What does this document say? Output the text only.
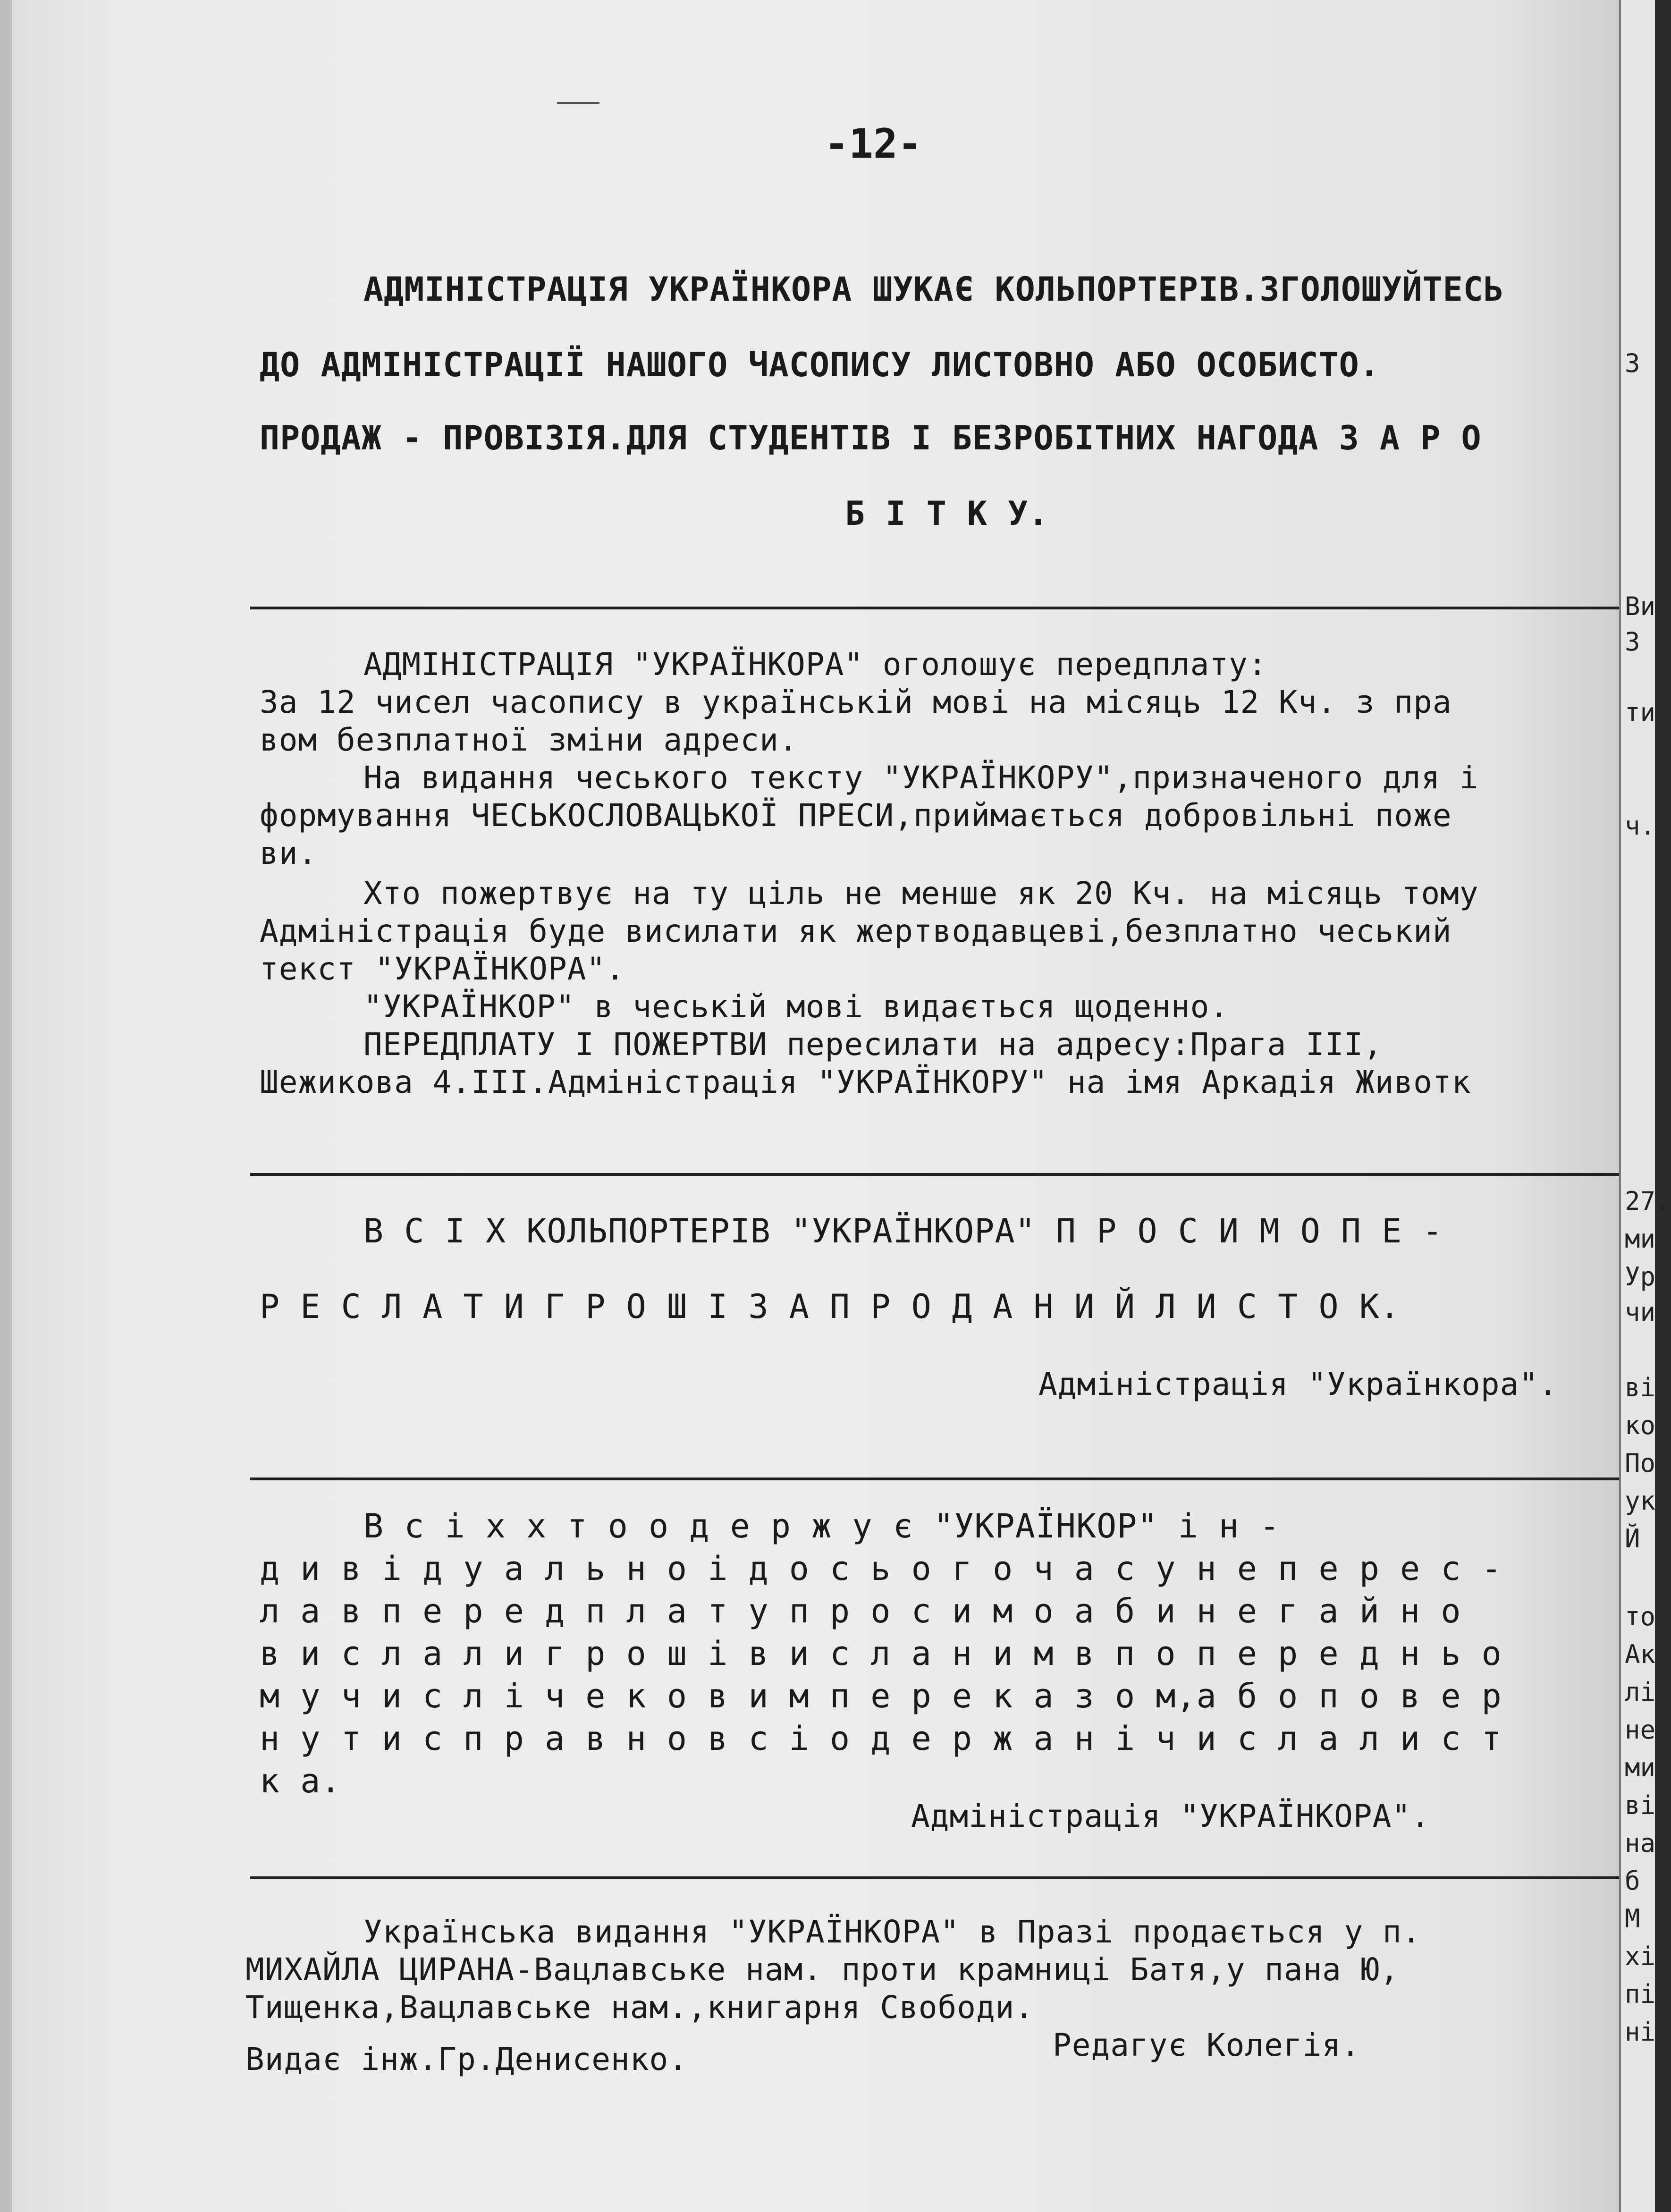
3
Ви
3
ти
ч.
27.
ми
Ур
чи
ві
ко
По
ук
Й
то
Ак
лі
не
ми
ві
на
б
М
хі
пі
ні
-12-
АДМІНІСТРАЦІЯ УКРАЇНКОРА ШУКАЄ КОЛЬПОРТЕРІВ.ЗГОЛОШУЙТЕСЬ
ДО АДМІНІСТРАЦІЇ НАШОГО ЧАСОПИСУ ЛИСТОВНО АБО ОСОБИСТО.
ПРОДАЖ - ПРОВІЗІЯ.ДЛЯ СТУДЕНТІВ І БЕЗРОБІТНИХ НАГОДА З А Р О
Б І Т К У.
АДМІНІСТРАЦІЯ "УКРАЇНКОРА" оголошує передплату:
За 12 чисел часопису в українській мові на місяць 12 Кч. з пра
вом безплатної зміни адреси.
На видання чеського тексту "УКРАЇНКОРУ",призначеного для і
формування ЧЕСЬКОСЛОВАЦЬКОЇ ПРЕСИ,приймається добровільні поже
ви.
Хто пожертвує на ту ціль не менше як 20 Кч. на місяць тому
Адміністрація буде висилати як жертводавцеві,безплатно чеський
текст "УКРАЇНКОРА".
"УКРАЇНКОР" в чеській мові видається щоденно.
ПЕРЕДПЛАТУ І ПОЖЕРТВИ пересилати на адресу:Прага III,
Шежикова 4.III.Адміністрація "УКРАЇНКОРУ" на імя Аркадія Животк
В С І Х КОЛЬПОРТЕРІВ "УКРАЇНКОРА" П Р О С И М О П Е -
Р Е С Л А Т И Г Р О Ш І З А П Р О Д А Н И Й Л И С Т О К.
Адміністрація "Українкора".
В с і х х т о о д е р ж у є "УКРАЇНКОР" і н -
д и в і д у а л ь н о і д о с ь о г о ч а с у н е п е р е с -
л а в п е р е д п л а т у п р о с и м о а б и н е г а й н о
в и с л а л и г р о ш і в и с л а н и м в п о п е р е д н ь о
м у ч и с л і ч е к о в и м п е р е к а з о м,а б о п о в е р
н у т и с п р а в н о в с і о д е р ж а н і ч и с л а л и с т
к а.
Адміністрація "УКРАЇНКОРА".
Українська видання "УКРАЇНКОРА" в Празі продається у п.
МИХАЙЛА ЦИРАНА-Вацлавське нам. проти крамниці Батя,у пана Ю,
Тищенка,Вацлавське нам.,книгарня Свободи.
Видає інж.Гр.Денисенко.	Редагує Колегія.
